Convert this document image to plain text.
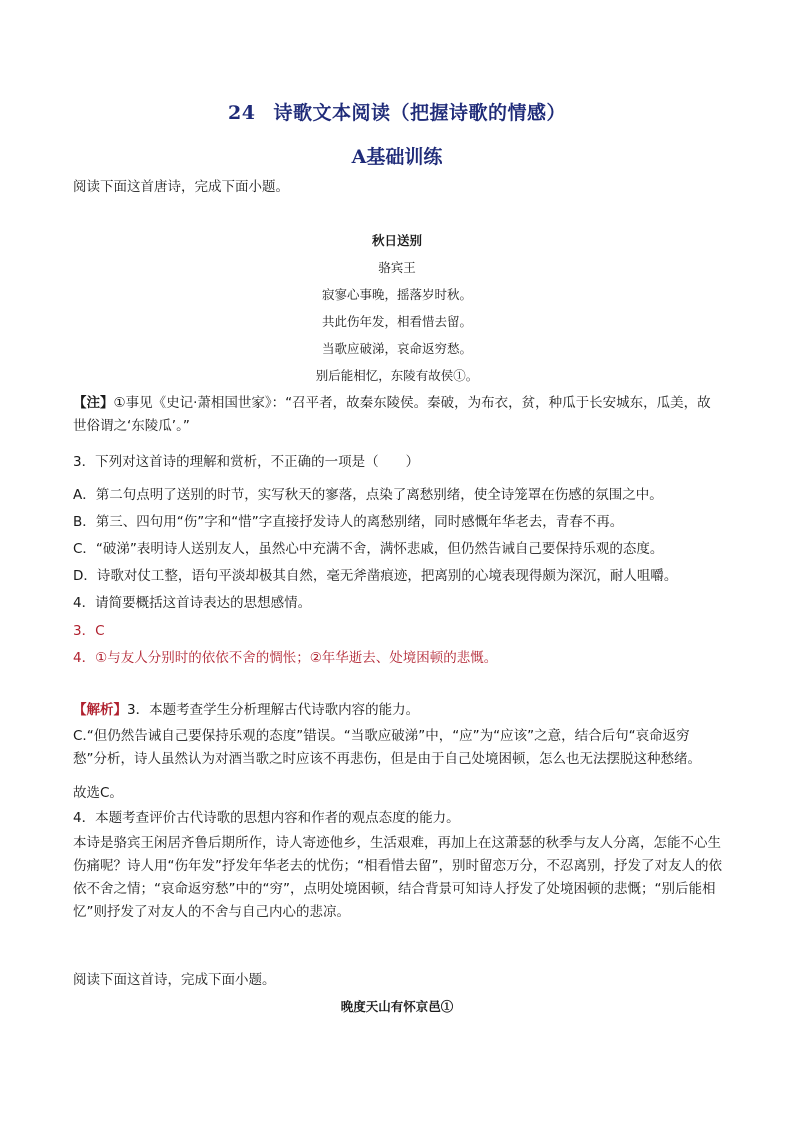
24 诗歌文本阅读（把握诗歌的情感）
A基础训练
阅读下面这首唐诗，完成下面小题。
秋日送别
骆宾王
寂寥心事晚，摇落岁时秋。
共此伤年发，相看惜去留。
当歌应破涕，哀命返穷愁。
别后能相忆，东陵有故侯①。
【注】①事见《史记·萧相国世家》：“召平者，故秦东陵侯。秦破，为布衣，贫，种瓜于长安城东，瓜美，故世俗谓之‘东陵瓜’。”
3．下列对这首诗的理解和赏析，不正确的一项是（　　）
A．第二句点明了送别的时节，实写秋天的寥落，点染了离愁别绪，使全诗笼罩在伤感的氛围之中。
B．第三、四句用“伤”字和“惜”字直接抒发诗人的离愁别绪，同时感慨年华老去，青春不再。
C．“破涕”表明诗人送别友人，虽然心中充满不舍，满怀悲戚，但仍然告诫自己要保持乐观的态度。
D．诗歌对仗工整，语句平淡却极其自然，毫无斧凿痕迹，把离别的心境表现得颇为深沉，耐人咀嚼。
4．请简要概括这首诗表达的思想感情。
3．C
4．①与友人分别时的依依不舍的惆怅；②年华逝去、处境困顿的悲慨。
【解析】3．本题考查学生分析理解古代诗歌内容的能力。
C.“但仍然告诫自己要保持乐观的态度”错误。“当歌应破涕”中，“应”为“应该”之意，结合后句“哀命返穷愁”分析，诗人虽然认为对酒当歌之时应该不再悲伤，但是由于自己处境困顿，怎么也无法摆脱这种愁绪。
故选C。
4．本题考查评价古代诗歌的思想内容和作者的观点态度的能力。
本诗是骆宾王闲居齐鲁后期所作，诗人寄迹他乡，生活艰难，再加上在这萧瑟的秋季与友人分离，怎能不心生伤痛呢？诗人用“伤年发”抒发年华老去的忧伤；“相看惜去留”，别时留恋万分，不忍离别，抒发了对友人的依依不舍之情；“哀命返穷愁”中的“穷”，点明处境困顿，结合背景可知诗人抒发了处境困顿的悲慨；“别后能相忆”则抒发了对友人的不舍与自己内心的悲凉。
阅读下面这首诗，完成下面小题。
晚度天山有怀京邑①
